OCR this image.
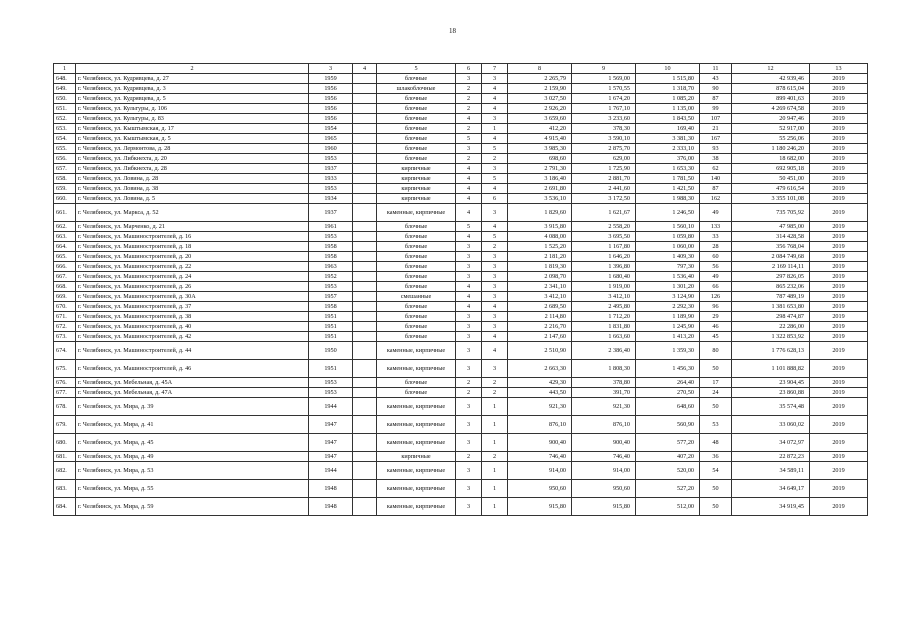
18
1	2	3	4	5	6	7	8	9	10	11	12	13
648.	г. Челябинск, ул. Кудрявцева, д. 27	1959		блочные	3	3	2 265,79	1 569,00	1 515,80	43	42 939,46	2019
649.	г. Челябинск, ул. Кудрявцева, д. 3	1956		шлакоблочные	2	4	2 159,90	1 570,55	1 318,70	90	878 615,04	2019
650.	г. Челябинск, ул. Кудрявцева, д. 5	1956		блочные	2	4	3 027,50	1 674,20	1 085,20	87	899 401,63	2019
651.	г. Челябинск, ул. Культуры, д. 106	1956		блочные	2	4	2 926,20	1 767,10	1 135,00	99	4 269 674,58	2019
652.	г. Челябинск, ул. Культуры, д. 83	1956		блочные	4	3	3 659,60	3 233,60	1 843,50	107	20 947,46	2019
653.	г. Челябинск, ул. Кыштымская, д. 17	1954		блочные	2	1	412,20	378,30	169,40	21	52 917,00	2019
654.	г. Челябинск, ул. Кыштымская, д. 5	1965		блочные	5	4	4 915,40	3 590,10	3 381,30	167	55 256,06	2019
655.	г. Челябинск, ул. Лермонтова, д. 28	1960		блочные	3	5	3 985,30	2 875,70	2 333,10	93	1 180 246,20	2019
656.	г. Челябинск, ул. Либкнехта, д. 20	1953		блочные	2	2	698,60	629,00	376,00	38	18 682,00	2019
657.	г. Челябинск, ул. Либкнехта, д. 28	1937		кирпичные	4	3	2 791,30	1 725,90	1 653,30	62	692 905,18	2019
658.	г. Челябинск, ул. Ловина, д. 28	1933		кирпичные	4	5	3 186,40	2 881,70	1 781,50	140	50 451,00	2019
659.	г. Челябинск, ул. Ловина, д. 38	1953		кирпичные	4	4	2 691,80	2 441,60	1 421,50	87	479 616,54	2019
660.	г. Челябинск, ул. Ловина, д. 5	1934		кирпичные	4	6	3 536,10	3 172,50	1 988,30	162	3 355 101,08	2019
661.	г. Челябинск, ул. Маркса, д. 52	1937		каменные, кирпичные	4	3	1 829,60	1 621,67	1 246,50	49	735 705,92	2019
662.	г. Челябинск, ул. Марченко, д. 21	1961		блочные	5	4	3 915,80	2 558,20	1 560,10	133	47 985,00	2019
663.	г. Челябинск, ул. Машиностроителей, д. 16	1953		блочные	4	5	4 088,00	3 695,50	1 059,80	33	314 428,58	2019
664.	г. Челябинск, ул. Машиностроителей, д. 18	1958		блочные	3	2	1 525,20	1 167,80	1 060,00	28	356 768,04	2019
665.	г. Челябинск, ул. Машиностроителей, д. 20	1958		блочные	3	3	2 181,20	1 646,20	1 409,30	60	2 084 749,68	2019
666.	г. Челябинск, ул. Машиностроителей, д. 22	1963		блочные	3	3	1 819,30	1 396,80	797,30	56	2 169 114,11	2019
667.	г. Челябинск, ул. Машиностроителей, д. 24	1952		блочные	3	3	2 098,70	1 680,40	1 536,40	49	297 826,05	2019
668.	г. Челябинск, ул. Машиностроителей, д. 26	1953		блочные	4	3	2 341,10	1 919,00	1 301,20	66	865 232,06	2019
669.	г. Челябинск, ул. Машиностроителей, д. 30А	1957		смешанные	4	3	3 412,10	3 412,10	3 124,90	126	787 489,19	2019
670.	г. Челябинск, ул. Машиностроителей, д. 37	1958		блочные	4	4	2 689,50	2 495,80	2 292,30	96	1 381 653,80	2019
671.	г. Челябинск, ул. Машиностроителей, д. 38	1951		блочные	3	3	2 114,80	1 712,20	1 189,90	29	298 474,87	2019
672.	г. Челябинск, ул. Машиностроителей, д. 40	1951		блочные	3	3	2 216,70	1 831,80	1 245,90	46	22 286,00	2019
673.	г. Челябинск, ул. Машиностроителей, д. 42	1951		блочные	3	4	2 147,60	1 663,60	1 413,20	45	1 322 853,92	2019
674.	г. Челябинск, ул. Машиностроителей, д. 44	1950		каменные, кирпичные	3	4	2 510,90	2 386,40	1 359,30	80	1 776 628,13	2019
675.	г. Челябинск, ул. Машиностроителей, д. 46	1951		каменные, кирпичные	3	3	2 663,30	1 808,30	1 456,30	50	1 101 888,82	2019
676.	г. Челябинск, ул. Мебельная, д. 45А	1953		блочные	2	2	429,30	378,80	264,40	17	23 904,45	2019
677.	г. Челябинск, ул. Мебельная, д. 47А	1953		блочные	2	2	443,50	391,70	270,50	24	23 860,88	2019
678.	г. Челябинск, ул. Мира, д. 39	1944		каменные, кирпичные	3	1	921,30	921,30	648,60	50	35 574,48	2019
679.	г. Челябинск, ул. Мира, д. 41	1947		каменные, кирпичные	3	1	876,10	876,10	560,90	53	33 060,02	2019
680.	г. Челябинск, ул. Мира, д. 45	1947		каменные, кирпичные	3	1	900,40	900,40	577,20	48	34 072,97	2019
681.	г. Челябинск, ул. Мира, д. 49	1947		кирпичные	2	2	746,40	746,40	407,20	36	22 872,23	2019
682.	г. Челябинск, ул. Мира, д. 53	1944		каменные, кирпичные	3	1	914,00	914,00	520,00	54	34 589,11	2019
683.	г. Челябинск, ул. Мира, д. 55	1948		каменные, кирпичные	3	1	950,60	950,60	527,20	50	34 649,17	2019
684.	г. Челябинск, ул. Мира, д. 59	1948		каменные, кирпичные	3	1	915,80	915,80	512,00	50	34 919,45	2019
